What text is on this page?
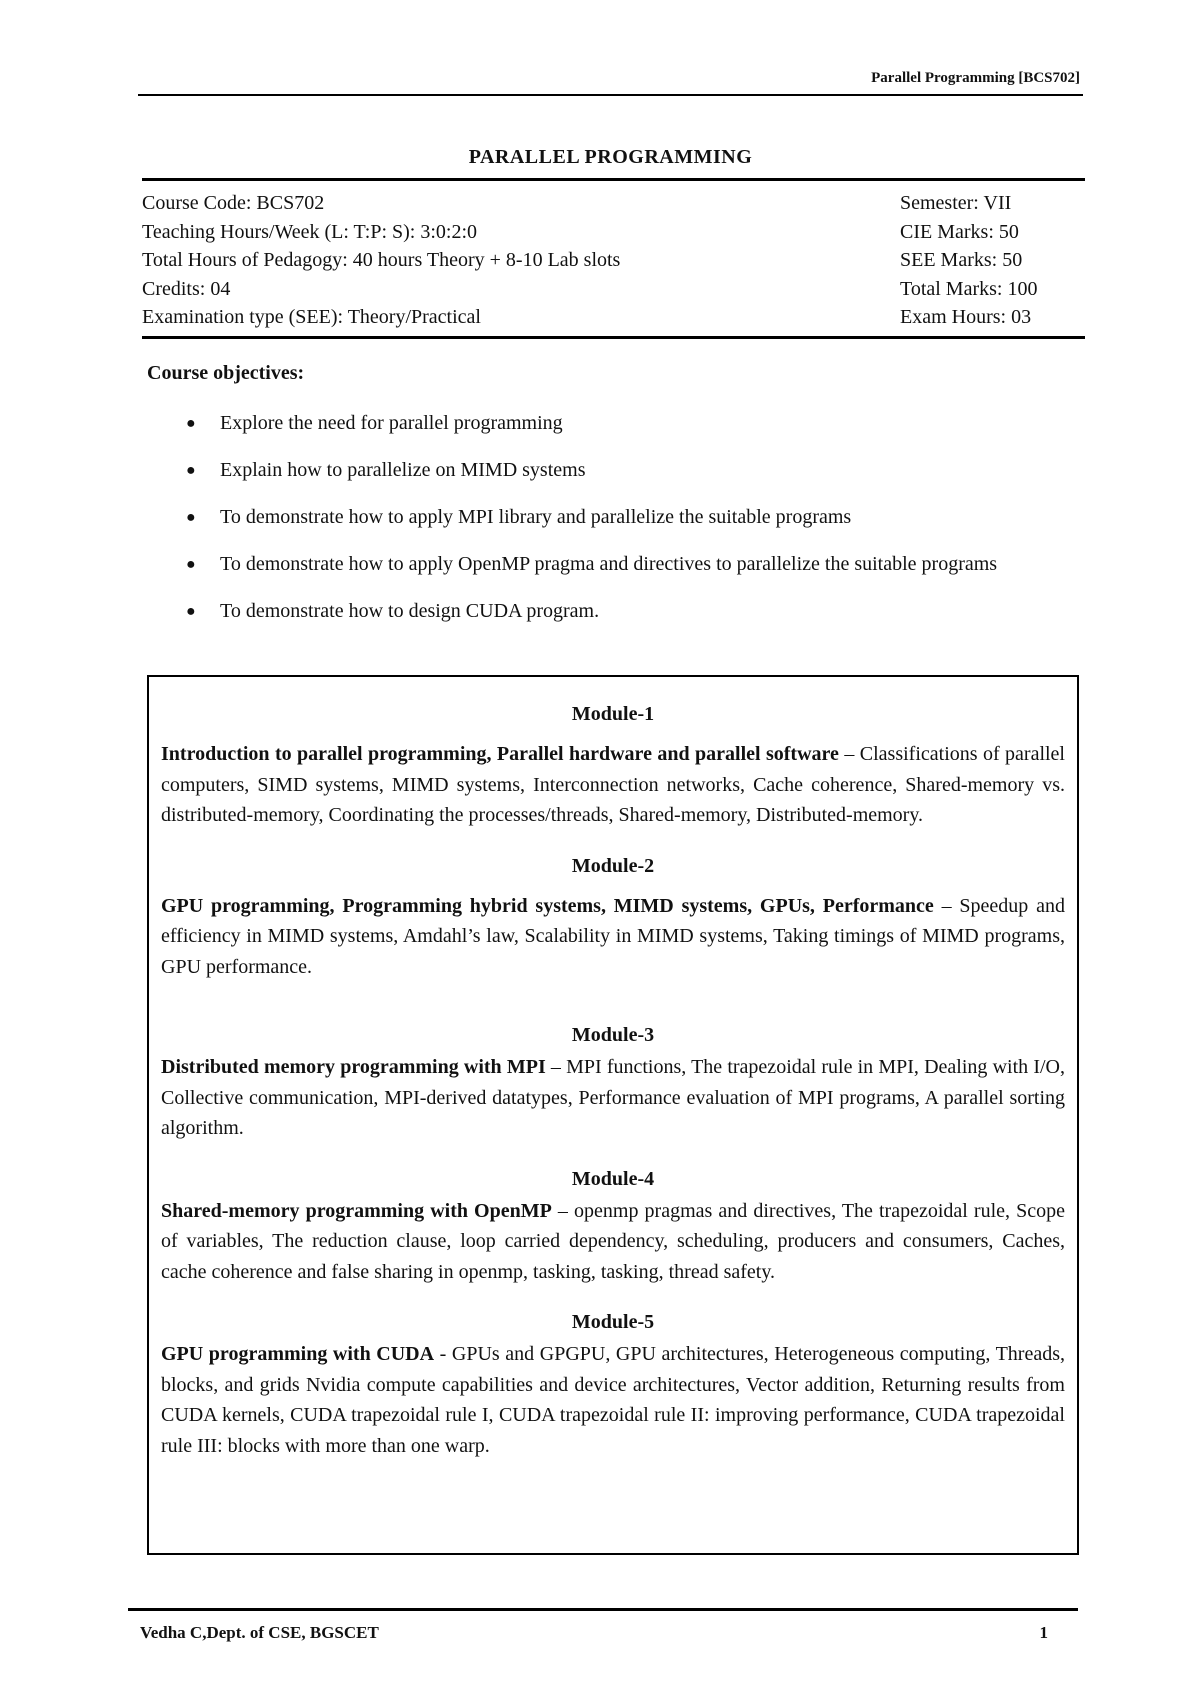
Parallel Programming [BCS702]
PARALLEL PROGRAMMING
Course Code: BCS702	Semester: VII
Teaching Hours/Week (L: T:P: S): 3:0:2:0	CIE Marks: 50
Total Hours of Pedagogy: 40 hours Theory + 8-10 Lab slots	SEE Marks: 50
Credits: 04	Total Marks: 100
Examination type (SEE): Theory/Practical	Exam Hours: 03
Course objectives:
● Explore the need for parallel programming
● Explain how to parallelize on MIMD systems
● To demonstrate how to apply MPI library and parallelize the suitable programs
● To demonstrate how to apply OpenMP pragma and directives to parallelize the suitable programs
● To demonstrate how to design CUDA program.
Module-1
Introduction to parallel programming, Parallel hardware and parallel software – Classifications of parallel computers, SIMD systems, MIMD systems, Interconnection networks, Cache coherence, Shared-memory vs. distributed-memory, Coordinating the processes/threads, Shared-memory, Distributed-memory.
Module-2
GPU programming, Programming hybrid systems, MIMD systems, GPUs, Performance – Speedup and efficiency in MIMD systems, Amdahl’s law, Scalability in MIMD systems, Taking timings of MIMD programs, GPU performance.
Module-3
Distributed memory programming with MPI – MPI functions, The trapezoidal rule in MPI, Dealing with I/O, Collective communication, MPI-derived datatypes, Performance evaluation of MPI programs, A parallel sorting algorithm.
Module-4
Shared-memory programming with OpenMP – openmp pragmas and directives, The trapezoidal rule, Scope of variables, The reduction clause, loop carried dependency, scheduling, producers and consumers, Caches, cache coherence and false sharing in openmp, tasking, tasking, thread safety.
Module-5
GPU programming with CUDA - GPUs and GPGPU, GPU architectures, Heterogeneous computing, Threads, blocks, and grids Nvidia compute capabilities and device architectures, Vector addition, Returning results from CUDA kernels, CUDA trapezoidal rule I, CUDA trapezoidal rule II: improving performance, CUDA trapezoidal rule III: blocks with more than one warp.
Vedha C,Dept. of CSE, BGSCET	1
